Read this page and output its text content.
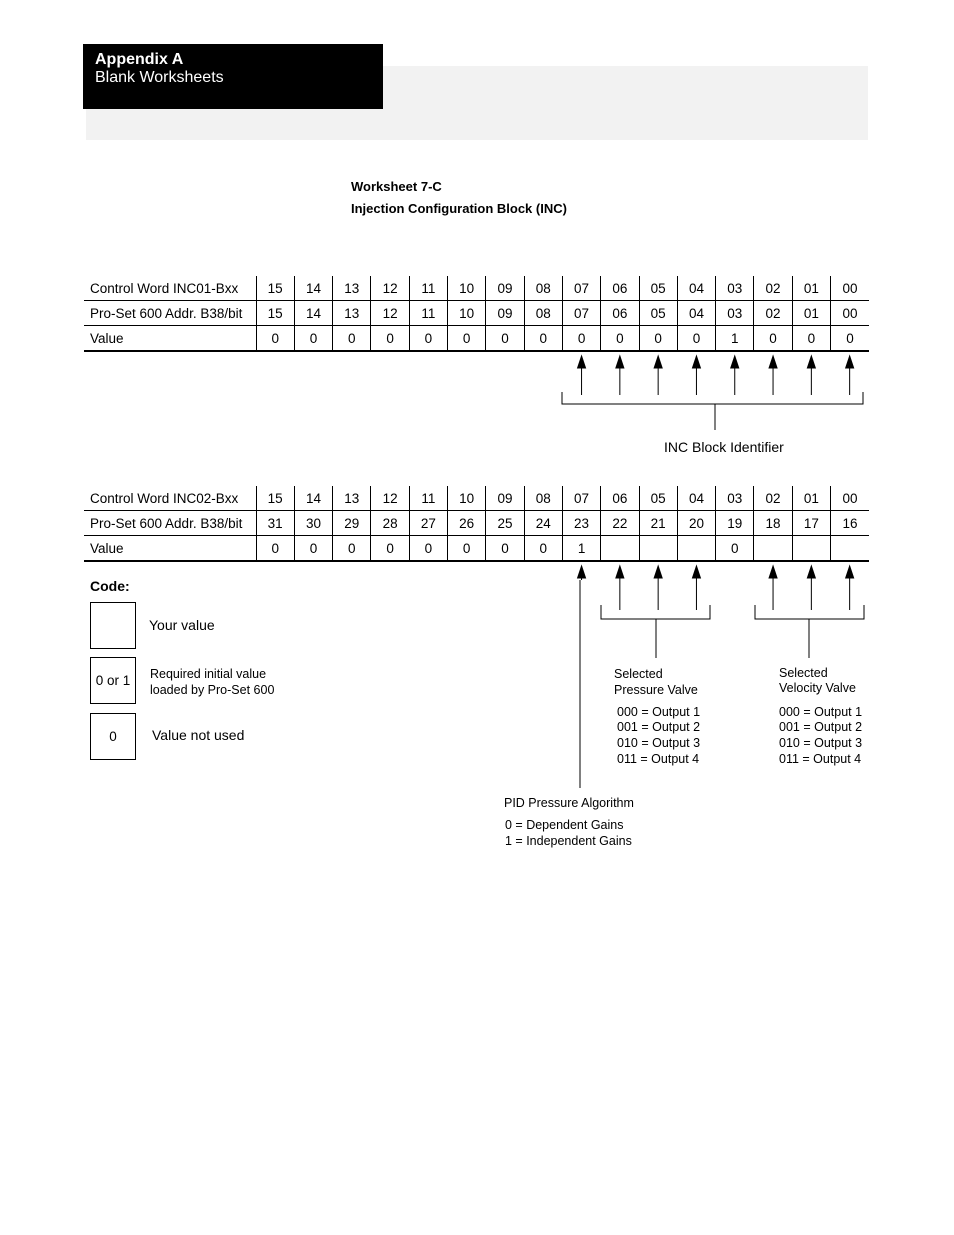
Appendix A
Blank Worksheets
Worksheet 7-C
Injection Configuration Block (INC)
Control Word INC01-Bxx	15	14	13	12	11	10	09	08	07	06	05	04	03	02	01	00
Pro-Set 600 Addr. B38/bit	15	14	13	12	11	10	09	08	07	06	05	04	03	02	01	00
Value	0	0	0	0	0	0	0	0	0	0	0	0	1	0	0	0
Control Word INC02-Bxx	15	14	13	12	11	10	09	08	07	06	05	04	03	02	01	00
Pro-Set 600 Addr. B38/bit	31	30	29	28	27	26	25	24	23	22	21	20	19	18	17	16
Value	0	0	0	0	0	0	0	0	1				0			
INC Block Identifier
Selected
Pressure Valve
000 = Output 1
001 = Output 2
010 = Output 3
011 = Output 4
Selected
Velocity Valve
000 = Output 1
001 = Output 2
010 = Output 3
011 = Output 4
PID Pressure Algorithm
0 = Dependent Gains
1 = Independent Gains
Code:
Your value
0 or 1	Required initial value
loaded by Pro-Set 600
0	Value not used
